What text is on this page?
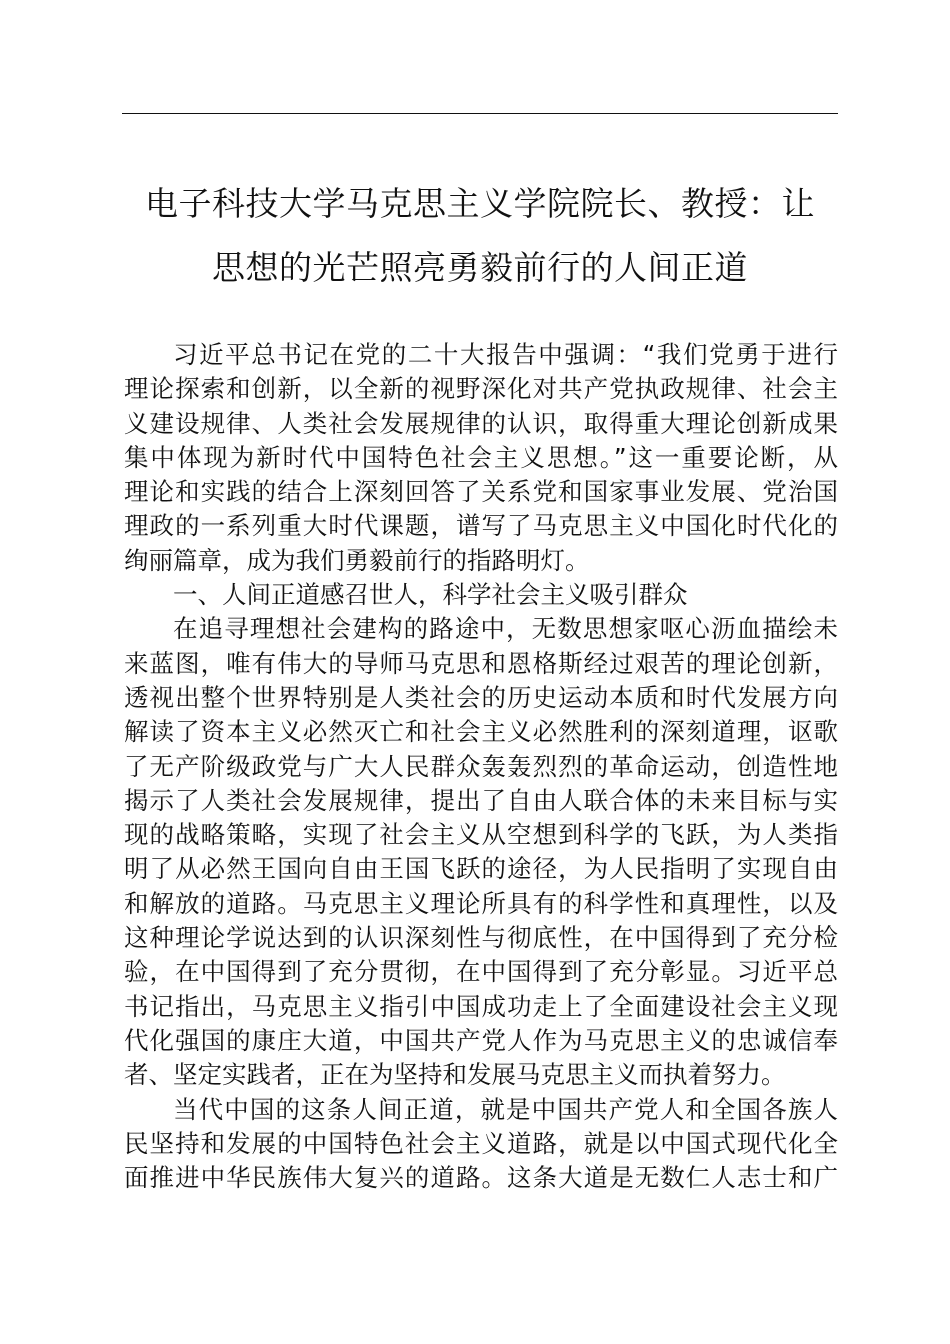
电子科技大学马克思主义学院院长、教授：让
思想的光芒照亮勇毅前行的人间正道
习近平总书记在党的二十大报告中强调：“我们党勇于进行
理论探索和创新，以全新的视野深化对共产党执政规律、社会主
义建设规律、人类社会发展规律的认识，取得重大理论创新成果
集中体现为新时代中国特色社会主义思想。”这一重要论断，从
理论和实践的结合上深刻回答了关系党和国家事业发展、党治国
理政的一系列重大时代课题，谱写了马克思主义中国化时代化的
绚丽篇章，成为我们勇毅前行的指路明灯。
一、人间正道感召世人，科学社会主义吸引群众
在追寻理想社会建构的路途中，无数思想家呕心沥血描绘未
来蓝图，唯有伟大的导师马克思和恩格斯经过艰苦的理论创新，
透视出整个世界特别是人类社会的历史运动本质和时代发展方向
解读了资本主义必然灭亡和社会主义必然胜利的深刻道理，讴歌
了无产阶级政党与广大人民群众轰轰烈烈的革命运动，创造性地
揭示了人类社会发展规律，提出了自由人联合体的未来目标与实
现的战略策略，实现了社会主义从空想到科学的飞跃，为人类指
明了从必然王国向自由王国飞跃的途径，为人民指明了实现自由
和解放的道路。马克思主义理论所具有的科学性和真理性，以及
这种理论学说达到的认识深刻性与彻底性，在中国得到了充分检
验，在中国得到了充分贯彻，在中国得到了充分彰显。习近平总
书记指出，马克思主义指引中国成功走上了全面建设社会主义现
代化强国的康庄大道，中国共产党人作为马克思主义的忠诚信奉
者、坚定实践者，正在为坚持和发展马克思主义而执着努力。
当代中国的这条人间正道，就是中国共产党人和全国各族人
民坚持和发展的中国特色社会主义道路，就是以中国式现代化全
面推进中华民族伟大复兴的道路。这条大道是无数仁人志士和广
